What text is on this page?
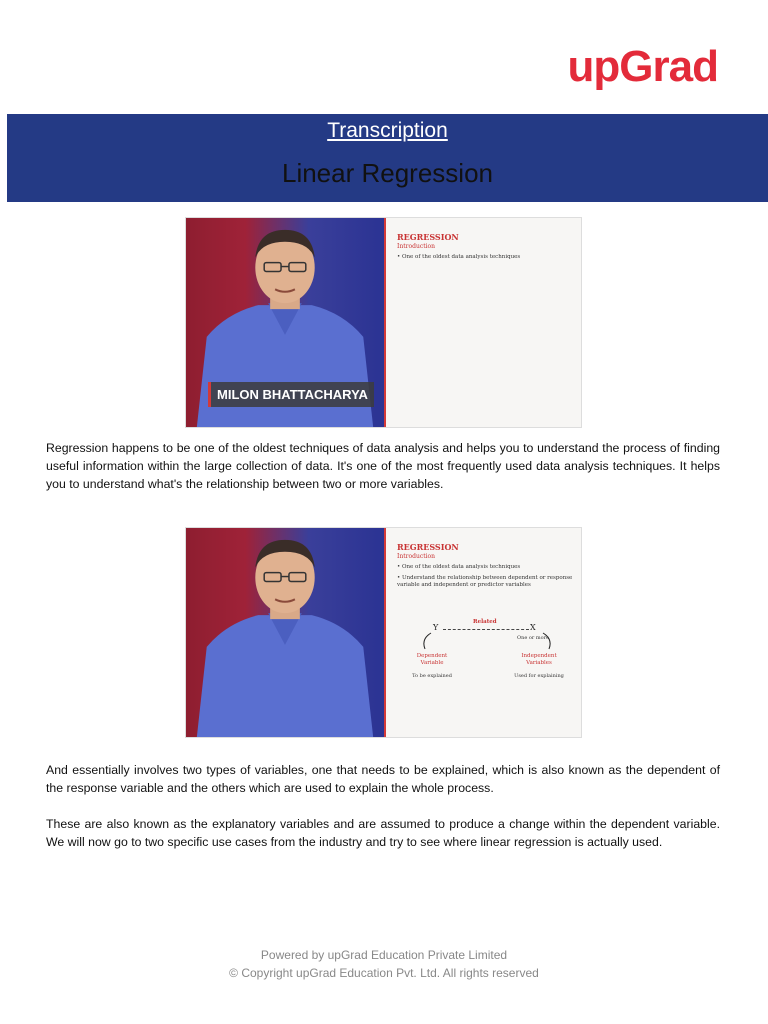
upGrad
Transcription
Linear Regression
MILON BHATTACHARYA
REGRESSION
Introduction
• One of the oldest data analysis techniques

Regression happens to be one of the oldest techniques of data analysis and helps you to understand the process of finding useful information within the large collection of data. It's one of the most frequently used data analysis techniques. It helps you to understand what's the relationship between two or more variables.

REGRESSION
Introduction
• One of the oldest data analysis techniques
• Understand the relationship between dependent or response variable and independent or predictor variables
Y
Related
X
One or more
Dependent Variable
Independent Variables
To be explained	Used for explaining

And essentially involves two types of variables, one that needs to be explained, which is also known as the dependent of the response variable and the others which are used to explain the whole process.

These are also known as the explanatory variables and are assumed to produce a change within the dependent variable. We will now go to two specific use cases from the industry and try to see where linear regression is actually used.

Powered by upGrad Education Private Limited
© Copyright upGrad Education Pvt. Ltd. All rights reserved
